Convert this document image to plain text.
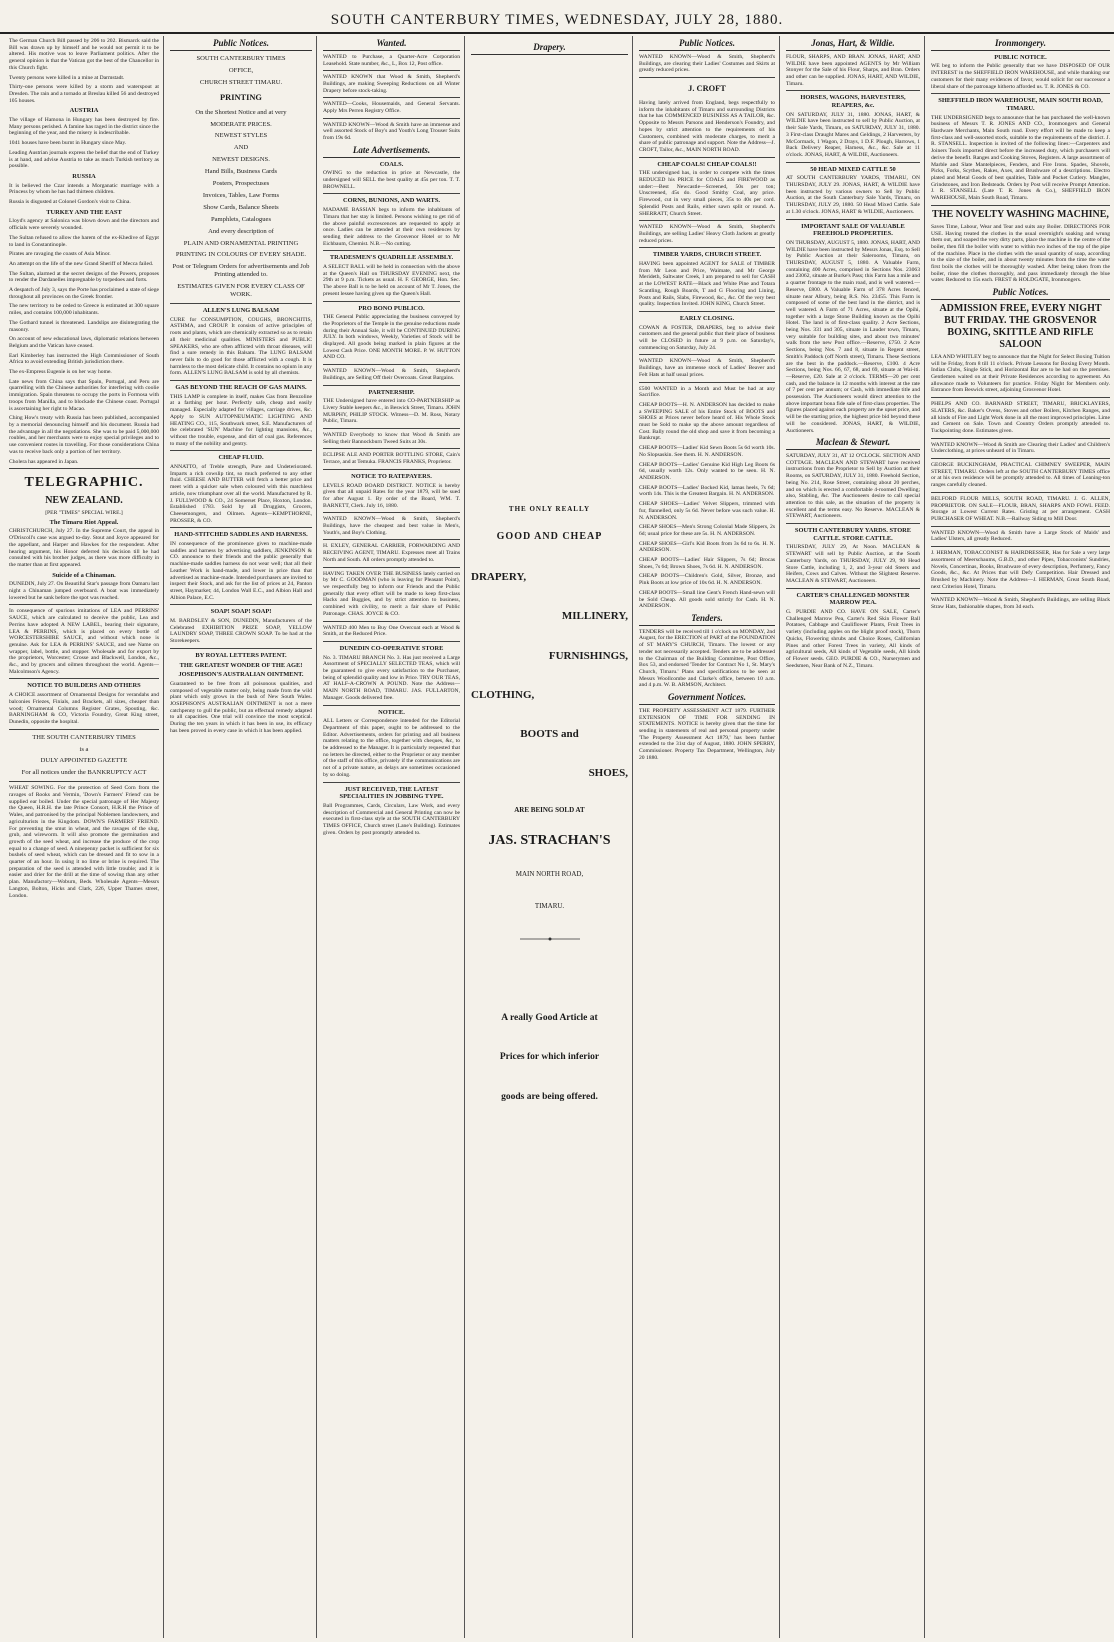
SOUTH CANTERBURY TIMES, WEDNESDAY, JULY 28, 1880.
The German Church Bill passed by 206 to 202. Bismarck said the Bill was drawn up by himself and he would not permit it to be altered. His motive was to leave Parliament politics. After the general opinion is that the Vatican got the best of the Chancellor in this Church fight.
Twenty persons were killed in a mine at Darmstadt.
Thirty-one persons were killed by a storm and waterspout at Dresden. The rain and a tornado at Breslau killed 56 and destroyed 105 houses.
AUSTRIA
The village of Hamona in Hungary has been destroyed by fire. Many persons perished. A famine has raged in the district since the beginning of the year, and the misery is indescribable.
1041 houses have been burnt in Hungary since May.
Leading Austrian journals express the belief that the end of Turkey is at hand, and advise Austria to take as much Turkish territory as possible.
RUSSIA
It is believed the Czar intends a Morganatic marriage with a Princess by whom he has had thirteen children.
Russia is disgusted at Colonel Gordon's visit to China.
TURKEY AND THE EAST
Lloyd's agency at Salonica was blown down and the directors and officials were severely wounded.
The Sultan refused to allow the harem of the ex-Khedive of Egypt to land in Constantinople.
Pirates are ravaging the coasts of Asia Minor.
An attempt on the life of the new Grand Sheriff of Mecca failed.
The Sultan, alarmed at the secret designs of the Powers, proposes to render the Dardanelles impregnable by torpedoes and forts.
A despatch of July 3, says the Porte has proclaimed a state of siege throughout all provinces on the Greek frontier.
The new territory to be ceded to Greece is estimated at 300 square miles, and contains 100,000 inhabitants.
The Gothard tunnel is threatened. Landslips are disintegrating the masonry.
On account of new educational laws, diplomatic relations between Belgium and the Vatican have ceased.
Earl Kimberley has instructed the High Commissioner of South Africa to avoid extending British jurisdiction there.
The ex-Empress Eugenie is on her way home.
Late news from China says that Spain, Portugal, and Peru are quarrelling with the Chinese authorities for interfering with coolie immigration. Spain threatens to occupy the ports in Formosa with troops from Manilla, and to blockade the Chinese coast. Portugal is ascertaining her right to Macao.
Ching How's treaty with Russia has been published, accompanied by a memorial denouncing himself and his document. Russia had the advantage in all the negotiations. She was to be paid 5,000,000 roubles, and her merchants were to enjoy special privileges and to use convenient routes in travelling. For those considerations China was to receive back only a portion of her territory.
Cholera has appeared in Japan.
TELEGRAPHIC.
NEW ZEALAND.
[PER "TIMES" SPECIAL WIRE.]
The Timaru Riot Appeal.
CHRISTCHURCH, July 27. In the Supreme Court, the appeal in O'Driscoll's case was argued to-day. Stout and Joyce appeared for the appellant, and Harper and Hawkes for the respondent. After hearing argument, his Honor deferred his decision till he had consulted with his brother judges, as there was more difficulty in the matter than at first appeared.
Suicide of a Chinaman.
DUNEDIN, July 27. On Beautiful Star's passage from Oamaru last night a Chinaman jumped overboard. A boat was immediately lowered but he sank before the spot was reached.
In consequence of spurious imitations of LEA and PERRINS' SAUCE, which are calculated to deceive the public, Lea and Perrins have adopted A NEW LABEL, bearing their signature, LEA & PERRINS, which is placed on every bottle of WORCESTERSHIRE SAUCE, and without which none is genuine. Ask for LEA & PERRINS' SAUCE, and see Name on wrapper, label, bottle, and stopper. Wholesale and for export by the proprietors, Worcester; Crosse and Blackwell, London, &c., &c., and by grocers and oilmen throughout the world. Agents—Malcolmson's Agency.
NOTICE TO BUILDERS AND OTHERS
A CHOICE assortment of Ornamental Designs for verandahs and balconies Friezes, Finials, and Brackets, all sizes, cheaper than wood; Ornamental Columns Register Grates, Spouting, &c. BARNINGHAM & CO, Victoria Foundry, Great King street, Dunedin, opposite the hospital.
THE SOUTH CANTERBURY TIMES
is a
DULY APPOINTED GAZETTE
For all notices under the BANKRUPTCY ACT
WHEAT SOWING. For the protection of Seed Corn from the ravages of Rooks and Vermin, 'Down's Farmers' Friend' can be supplied ear boiled. Under the special patronage of Her Majesty the Queen, H.R.H. the late Prince Consort, H.R.H the Prince of Wales, and patronised by the principal Noblemen landowners, and agriculturists in the Kingdom. DOWN'S FARMERS' FRIEND. For preventing the smut in wheat, and the ravages of the slug, grub, and wireworm. It will also promote the germination and growth of the seed wheat, and increase the produce of the crop equal to a change of seed. A ninepenny packet is sufficient for six bushels of seed wheat, which can be dressed and fit to sow in a quarter of an hour. In using it no lime or brine is required. The preparation of the seed is attended with little trouble; and it is easier and drier for the drill at the time of sowing than any other plan. Manufactory—Woburn, Beds. Wholesale Agents—Messrs Langton, Bolton, Hicks and Clark, 226, Upper Thames street, London.
Public Notices.
SOUTH CANTERBURY TIMES
OFFICE,
CHURCH STREET TIMARU.
PRINTING
On the Shortest Notice and at very
MODERATE PRICES.
NEWEST STYLES
AND
NEWEST DESIGNS.
Hand Bills, Business Cards
Posters, Prospectuses
Invoices, Tables, Law Forms
Show Cards, Balance Sheets
Pamphlets, Catalogues
And every description of
PLAIN AND ORNAMENTAL PRINTING
PRINTING IN COLOURS OF EVERY SHADE.
Post or Telegram Orders for advertisements and Job Printing attended to.
ESTIMATES GIVEN FOR EVERY CLASS OF WORK.
ALLEN'S LUNG BALSAM
CURE for CONSUMPTION, COUGHS, BRONCHITIS, ASTHMA, and CROUP. It consists of active principles of roots and plants, which are chemically extracted so as to retain all their medicinal qualities. MINISTERS and PUBLIC SPEAKERS, who are often afflicted with throat diseases, will find a sure remedy in this Balsam. The LUNG BALSAM never fails to do good for those afflicted with a cough. It is harmless to the most delicate child. It contains no opium in any form. ALLEN'S LUNG BALSAM is sold by all chemists.
GAS BEYOND THE REACH OF GAS MAINS.
THIS LAMP is complete in itself, makes Gas from Benzoline at a farthing per hour. Perfectly safe, cheap and easily managed. Especially adapted for villages, carriage drives, &c. Apply to SUN AUTOPNEUMATIC LIGHTING AND HEATING CO., 115, Southwark street, S.E. Manufacturers of the celebrated 'SUN' Machine for lighting mansions, &c., without the trouble, expense, and dirt of coal gas. References to many of the nobility and gentry.
CHEAP FLUID.
ANNATTO, of Treble strength, Pure and Undeteriorated. Imparts a rich cowslip tint, so much preferred to any other fluid. CHEESE AND BUTTER will fetch a better price and meet with a quicker sale when coloured with this matchless article, now triumphant over all the world. Manufactured by R. J. FULLWOOD & CO., 24 Somerset Place, Hoxton, London. Established 1783. Sold by all Druggists, Grocers, Cheesemongers, and Oilmen. Agents—KEMPTHORNE, PROSSER, & CO.
HAND-STITCHED SADDLES AND HARNESS.
IN consequence of the prominence given to machine-made saddles and harness by advertising saddlers, JENKINSON & CO. announce to their friends and the public generally that machine-made saddles harness do not wear well; that all their Leather Work is hand-made, and lower in price than that advertised as machine-made. Intended purchasers are invited to inspect their Stock, and ask for the list of prices at 24, Panton street, Haymarket; 44, London Wall E.C., and Albion Hall and Albion Palace, E.C.
SOAP! SOAP! SOAP!
M. BARDSLEY & SON, DUNEDIN, Manufacturers of the Celebrated EXHIBITION PRIZE SOAP, YELLOW LAUNDRY SOAP, THREE CROWN SOAP. To be had at the Storekeepers.
BY ROYAL LETTERS PATENT.
THE GREATEST WONDER OF THE AGE!
JOSEPHSON'S AUSTRALIAN OINTMENT.
Guaranteed to be free from all poisonous qualities, and composed of vegetable matter only, being made from the wild plant which only grows in the bush of New South Wales. JOSEPHSON'S AUSTRALIAN OINTMENT is not a mere catchpenny to gull the public, but an effectual remedy adapted to all capacities. One trial will convince the most sceptical. During the ten years in which it has been in use, its efficacy has been proved in every case in which it has been applied.
Wanted.
WANTED to Purchase, a Quarter-Acre Corporation Leasehold. State number, &c., L, Box 12, Post office.
WANTED KNOWN that Wood & Smith, Shepherd's Buildings, are making Sweeping Reductions on all Winter Drapery before stock-taking.
WANTED—Cooks, Housemaids, and General Servants. Apply Mrs Perren Registry Office.
WANTED KNOWN—Wood & Smith have an immense and well assorted Stock of Boy's and Youth's Long Trouser Suits from 19s 6d.
Late Advertisements.
COALS.
OWING to the reduction in price at Newcastle, the undersigned will SELL the best quality at 45s per ton. T. T. BROWNELL.
CORNS, BUNIONS, AND WARTS.
MADAME BASSIAN begs to inform the inhabitants of Timaru that her stay is limited. Persons wishing to get rid of the above painful excrescences are requested to apply at once. Ladies can be attended at their own residences by sending their address to the Grosvenor Hotel or to Mr Eichbaum, Chemist. N.B.—No cutting.
TRADESMEN'S QUADRILLE ASSEMBLY.
A SELECT BALL will be held in connection with the above at the Queen's Hall on THURSDAY EVENING next, the 29th at 9 p.m. Tickets as usual. H. F. GEORGE, Hon. Sec. The above Ball is to be held on account of Mr T. Jones, the present lessee having given up the Queen's Hall.
PRO BONO PUBLICO.
THE General Public appreciating the business conveyed by the Proprietors of the Temple in the genuine reductions made during their Annual Sale, it will be CONTINUED DURING JULY. In both windows, Weekly, Varieties of Stock will be displayed. All goods being marked in plain figures at the Lowest Cash Price. ONE MONTH MORE. P. W. HUTTON AND CO.
WANTED KNOWN—Wood & Smith, Shepherd's Buildings, are Selling Off their Overcoats. Great Bargains.
PARTNERSHIP.
THE Undersigned have entered into CO-PARTNERSHIP as Livery Stable keepers &c., in Beswick Street, Timaru. JOHN MURPHY, PHILIP STOCK. Witness—D. M. Ross, Notary Public, Timaru.
WANTED Everybody to know that Wood & Smith are Selling their Bannockburn Tweed Suits at 30s.
ECLIPSE ALE AND PORTER BOTTLING STORE, Cain's Terrace, and at Temuka. FRANCIS FRANKS, Proprietor.
NOTICE TO RATEPAYERS.
LEVELS ROAD BOARD DISTRICT. NOTICE is hereby given that all unpaid Rates for the year 1879, will be sued for after August 1. By order of the Board, WM. T. BARNETT, Clerk. July 16, 1880.
WANTED KNOWN—Wood & Smith, Shepherd's Buildings, have the cheapest and best value in Men's, Youth's, and Boy's Clothing.
H. EXLEY, GENERAL CARRIER, FORWARDING AND RECEIVING AGENT, TIMARU. Expresses meet all Trains North and South. All orders promptly attended to.
HAVING TAKEN OVER THE BUSINESS lately carried on by Mr C. GOODMAN (who is leaving for Pleasant Point), we respectfully beg to inform our Friends and the Public generally that every effort will be made to keep first-class Hacks and Buggies, and by strict attention to business, combined with civility, to merit a fair share of Public Patronage. CHAS. JOYCE & CO.
WANTED 400 Men to Buy One Overcoat each at Wood & Smith, at the Reduced Price.
DUNEDIN CO-OPERATIVE STORE
No. 3. TIMARU BRANCH No. 3. Has just received a Large Assortment of SPECIALLY SELECTED TEAS, which will be guaranteed to give every satisfaction to the Purchaser, being of splendid quality and low in Price. TRY OUR TEAS, AT HALF-A-CROWN A POUND. Note the Address—MAIN NORTH ROAD, TIMARU. JAS. FULLARTON, Manager. Goods delivered free.
NOTICE.
ALL Letters or Correspondence intended for the Editorial Department of this paper, ought to be addressed to the Editor. Advertisements, orders for printing and all business matters relating to the office, together with cheques, &c, to be addressed to the Manager. It is particularly requested that no letters be directed, either to the Proprietor or any member of the staff of this office, privately if the communications are not of a private nature, as delays are sometimes occasioned by so doing.
JUST RECEIVED, THE LATEST SPECIALITIES IN JOBBING TYPE.
Ball Programmes, Cards, Circulars, Law Work, and every description of Commercial and General Printing can now be executed in first-class style at the SOUTH CANTERBURY TIMES OFFICE, Church street (Lane's Building). Estimates given. Orders by post promptly attended to.
Drapery.
THE ONLY REALLY
GOOD AND CHEAP
DRAPERY,
MILLINERY,
FURNISHINGS,
CLOTHING,
BOOTS and
SHOES,
ARE BEING SOLD AT
JAS. STRACHAN'S
MAIN NORTH ROAD,
TIMARU.
A really Good Article at
Prices for which inferior
goods are being offered.
Public Notices.
WANTED KNOWN—Wood & Smith, Shepherd's Buildings, are clearing their Ladies' Costumes and Skirts at greatly reduced prices.
J. CROFT
Having lately arrived from England, begs respectfully to inform the inhabitants of Timaru and surrounding Districts that he has COMMENCED BUSINESS AS A TAILOR, &c. Opposite to Messrs Parsons and Henderson's Foundry, and hopes by strict attention to the requirements of his Customers, combined with moderate charges, to merit a share of public patronage and support. Note the Address—J. CROFT, Tailor, &c., MAIN NORTH ROAD.
CHEAP COALS! CHEAP COALS!!
THE undersigned has, in order to compete with the times REDUCED his PRICE for COALS and FIREWOOD as under:—Best Newcastle—Screened, 50s per ton; Unscreened, 45s do. Good Smithy Coal, any price. Firewood, cut in very small pieces, 35s to 40s per cord. Splendid Posts and Rails, either sawn split or round. A. SHERRATT, Church Street.
WANTED KNOWN—Wood & Smith, Shepherd's Buildings, are selling Ladies' Heavy Cloth Jackets at greatly reduced prices.
TIMBER YARDS, CHURCH STREET.
HAVING been appointed AGENT for SALE of TIMBER from Mr Leon and Price, Waimate, and Mr George Merideth, Saltwater Creek, I am prepared to sell for CASH at the LOWEST RATE—Black and White Pine and Totara Scantling, Rough Boards, T and G Flooring and Lining, Posts and Rails, Slabs, Firewood, &c., &c. Of the very best quality. Inspection Invited. JOHN KING, Church Street.
EARLY CLOSING.
COWAN & FOSTER, DRAPERS, beg to advise their customers and the general public that their place of business will be CLOSED in future at 9 p.m. on Saturday's, commencing on Saturday, July 24.
WANTED KNOWN—Wood & Smith, Shepherd's Buildings, have an immense stock of Ladies' Beaver and Felt Hats at half usual prices.
£500 WANTED in a Month and Must be had at any Sacrifice.
CHEAP BOOTS—H. N. ANDERSON has decided to make a SWEEPING SALE of his Entire Stock of BOOTS and SHOES at Prices never before heard of. His Whole Stock must be Sold to make up the above amount regardless of Cost. Bally round the old shop and save it from becoming a Bankrupt.
CHEAP BOOTS—Ladies' Kid Sewn Boots 5s 6d worth 10s. No Slopsaskin. See them. H. N. ANDERSON.
CHEAP BOOTS—Ladies' Genuine Kid High Leg Boots 6s 6d, usually worth 12s. Only wanted to be seen. H. N. ANDERSON.
CHEAP BOOTS—Ladies' Bocked Kid, lamas heels, 7s 6d; worth 14s. This is the Greatest Bargain. H. N. ANDERSON.
CHEAP SHOES—Ladies' Velvet Slippers, trimmed with fur, flannelled, only 5s 6d. Never before was such value. H. N. ANDERSON.
CHEAP SHOES—Men's Strong Colonial Made Slippers, 2s 6d; usual price for these are 5s. H. N. ANDERSON.
CHEAP SHOES—Girl's Kid Boots from 3s 6d to 6s. H. N. ANDERSON.
CHEAP BOOTS—Ladies' Hair Slippers, 7s 6d; Brocas Shoes, 7s 6d; Brown Shoes, 7s 6d. H. N. ANDERSON.
CHEAP BOOTS—Children's Gold, Silver, Bronze, and Pink Boots at low price of 10s 6d. H. N. ANDERSON.
CHEAP BOOTS—Small line Gent's French Hand-sewn will be Sold Cheap. All goods sold strictly for Cash. H. N. ANDERSON.
Tenders.
TENDERS will be received till 1 o'clock on MONDAY, 2nd August, for the ERECTION of PART of the FOUNDATION of ST MARY'S CHURCH, Timaru. The lowest or any tender not necessarily accepted. Tenders are to be addressed to the Chairman of the Building Committee, Post Office, Box 53, and endorsed 'Tender for Contract No 1, St. Mary's Church, Timaru.' Plans and specifications to be seen at Messrs Woollcombe and Clarke's office, between 10 a.m. and 4 p.m. W. B. ARMSON, Architect.
Government Notices.
THE PROPERTY ASSESSMENT ACT 1879. FURTHER EXTENSION OF TIME FOR SENDING IN STATEMENTS. NOTICE is hereby given that the time for sending in statements of real and personal property under 'The Property Assessment Act 1879,' has been further extended to the 31st day of August, 1880. JOHN SPERRY, Commissioner. Property Tax Department, Wellington, July 20 1880.
Jonas, Hart, & Wildie.
FLOUR, SHARPS, AND BRAN. JONAS, HART, AND WILDIE have been appointed AGENTS by Mr William Stonyer for the Sale of his Flour, Sharps, and Bran. Orders and other can be supplied. JONAS, HART, AND WILDIE, Timaru.
HORSES, WAGONS, HARVESTERS, REAPERS, &c.
ON SATURDAY, JULY 31, 1880. JONAS, HART, & WILDIE have been instructed to sell by Public Auction, at their Sale Yards, Timaru, on SATURDAY, JULY 31, 1880. 3 First-class Draught Mares and Geldings, 2 Harvesters, by McCormack, 1 Wagon, 2 Drays, 1 D.F. Plough, Harrows, 1 Back Delivery Reaper, Harness, &c., &c. Sale at 11 o'clock. JONAS, HART, & WILDIE, Auctioneers.
50 HEAD MIXED CATTLE 50
AT SOUTH CANTERBURY YARDS, TIMARU, ON THURSDAY, JULY 29. JONAS, HART, & WILDIE have been instructed by various owners to Sell by Public Auction, at the South Canterbury Sale Yards, Timaru, on THURSDAY, JULY 29, 1880. 50 Head Mixed Cattle. Sale at 1.30 o'clock. JONAS, HART & WILDIE, Auctioneers.
IMPORTANT SALE OF VALUABLE FREEHOLD PROPERTIES.
ON THURSDAY, AUGUST 5, 1880. JONAS, HART, AND WILDIE have been instructed by Messrs Jonas, Esq. to Sell by Public Auction at their Salerooms, Timaru, on THURSDAY, AUGUST 5, 1880. A Valuable Farm, containing 400 Acres, comprised in Sections Nos. 23063 and 23062, situate at Burke's Pass; this Farm has a mile and a quarter frontage to the main road, and is well watered.—Reserve, £800. A Valuable Farm of 378 Acres fenced, situate near Albury, being R.S. No. 23455. This Farm is composed of some of the best land in the district, and is well watered. A Farm of 71 Acres, situate at the Opihi, together with a large Stone Building known as the Opihi Hotel. The land is of first-class quality. 2 Acre Sections, being Nos. 331 and 305, situate in Lauder town, Timaru, very suitable for building sites, and about two minutes' walk from the new Post office.—Reserve, £750. 2 Acre Sections, being Nos. 7 and 8, situate in Regent street, Smith's Paddock (off North street), Timaru. These Sections are the best in the paddock.—Reserve, £100. 4 Acre Sections, being Nos. 66, 67, 68, and 69, situate at Wai-iti.—Reserve, £20. Sale at 2 o'clock. TERMS—20 per cent cash, and the balance in 12 months with interest at the rate of 7 per cent per annum; or Cash, with immediate title and possession. The Auctioneers would direct attention to the above important bona fide sale of first-class properties. The figures placed against each property are the upset price, and will be the starting price, the highest price bid beyond these will be considered. JONAS, HART, & WILDIE, Auctioneers.
Maclean & Stewart.
SATURDAY, JULY 31, AT 12 O'CLOCK. SECTION AND COTTAGE. MACLEAN AND STEWART have received instructions from the Proprietor to Sell by Auction at their Rooms, on SATURDAY, JULY 31, 1880. Freehold Section, being No. 214, Rose Street, containing about 20 perches, and on which is erected a comfortable 4-roomed Dwelling; also, Stabling, &c. The Auctioneers desire to call special attention to this sale, as the situation of the property is excellent and the terms easy. No Reserve. MACLEAN & STEWART, Auctioneers.
SOUTH CANTERBURY YARDS. STORE CATTLE. STORE CATTLE.
THURSDAY, JULY 29, At Noon. MACLEAN & STEWART will sell by Public Auction, at the South Canterbury Yards, on THURSDAY, JULY 29, 90 Head Store Cattle, including 1, 2, and 3-year old Steers and Heifers, Cows and Calves. Without the Slightest Reserve. MACLEAN & STEWART, Auctioneers.
CARTER'S CHALLENGED MONSTER MARROW PEA.
G. PURDIE AND CO. HAVE ON SALE, Carter's Challenged Marrow Pea, Carter's Red Skin Flower Ball Potatoes, Cabbage and Cauliflower Plants, Fruit Trees in variety (including apples on the blight proof stock), Thorn Quicks, Flowering shrubs and Choice Roses, Californian Pines and other Forest Trees in variety, All kinds of agricultural seeds, All kinds of Vegetable seeds, All kinds of Flower seeds. GEO. PURDIE & CO., Nurserymen and Seedsmen, Near Bank of N.Z., Timaru.
Ironmongery.
PUBLIC NOTICE.
WE beg to inform the Public generally that we have DISPOSED OF OUR INTEREST in the SHEFFIELD IRON WAREHOUSE, and while thanking our customers for their many evidences of favor, would solicit for our successor a liberal share of the patronage hitherto afforded us. T. R. JONES & CO.
SHEFFIELD IRON WAREHOUSE, MAIN SOUTH ROAD, TIMARU.
THE UNDERSIGNED begs to announce that he has purchased the well-known business of Messrs T. R. JONES AND CO., Ironmongers and General Hardware Merchants, Main South road. Every effort will be made to keep a first-class and well-assorted stock, suitable to the requirements of the district. J. R. STANSELL. Inspection is invited of the following lines:—Carpenters and Joiners Tools imported direct before the increased duty, which purchasers will derive the benefit. Ranges and Cooking Stoves, Registers. A large assortment of Marble and Slate Mantelpieces, Fenders, and Fire Irons. Spades, Shovels, Picks, Forks, Scythes, Rakes, Axes, and Brushware of a descriptions. Electro plated and Metal Goods of best qualities, Table and Pocket Cutlery. Mangles, Grindstones, and Iron Bedsteads. Orders by Post will receive Prompt Attention. J. R. STANSELL (Late T. R. Jones & Co.), SHEFFIELD IRON WAREHOUSE, Main South Road, Timaru.
THE NOVELTY WASHING MACHINE,
Saves Time, Labour, Wear and Tear and suits any Boiler. DIRECTIONS FOR USE. Having treated the clothes in the usual overnight's soaking and wrung them out, and soaped the very dirty parts, place the machine in the centre of the boiler, then fill the boiler with water to within two inches of the top of the pipe of the machine. Place in the clothes with the usual quantity of soap, according to the size of the boiler, and in about twenty minutes from the time the water first boils the clothes will be thoroughly washed. After being taken from the boiler, rinse the clothes thoroughly, and pass immediately through the blue water. Reduced to 15s each. FREST & HOLDGATE, Ironmongers.
Public Notices.
ADMISSION FREE, EVERY NIGHT BUT FRIDAY. THE GROSVENOR BOXING, SKITTLE AND RIFLE SALOON
LEA AND WHITLEY beg to announce that the Night for Select Boxing Tuition will be Friday, from 8 till 11 o'clock. Private Lessons for Boxing Every Month. Indian Clubs, Single Stick, and Horizontal Bar are to be had on the premises. Gentlemen waited on at their Private Residences according to agreement. An allowance made to Volunteers for practice. Friday Night for Members only. Entrance from Beswick street, adjoining Grosvenor Hotel.
PHELPS AND CO. BARNARD STREET, TIMARU, BRICKLAYERS, SLATERS, &c. Baker's Ovens, Stoves and other Boilers, Kitchen Ranges, and all kinds of Fire and Light Work done in all the most improved principles. Lime and Cement on Sale. Town and Country Orders promptly attended to. Tuckpointing done. Estimates given.
WANTED KNOWN—Wood & Smith are Clearing their Ladies' and Children's Underclothing, at prices unheard of in Timaru.
GEORGE BUCKINGHAM, PRACTICAL CHIMNEY SWEEPER, MAIN STREET, TIMARU. Orders left at the SOUTH CANTERBURY TIMES office or at his own residence will be promptly attended to. All times of Leaning-ton ranges carefully cleaned.
BELFORD FLOUR MILLS, SOUTH ROAD, TIMARU. J. G. ALLEN, PROPRIETOR. ON SALE—FLOUR, BRAN, SHARPS AND FOWL FEED. Storage at Lowest Current Rates. Gristing at per arrangement. CASH PURCHASER OF WHEAT. N.B.—Railway Siding to Mill Door.
WANTED KNOWN—Wood & Smith have a Large Stock of Maids' and Ladies' Ulsters, all greatly Reduced.
J. HERMAN, TOBACCONIST & HAIRDRESSER, Has for Sale a very large assortment of Meerschaums, G.B.D., and other Pipes, Tobacconists' Sundries, Novels, Concertinas, Books, Brushware of every description, Perfumery, Fancy Goods, &c., &c. At Prices that will Defy Competition. Hair Dressed and Brushed by Machinery. Note the Address—J. HERMAN, Great South Road, next Criterion Hotel, Timaru.
WANTED KNOWN—Wood & Smith, Shepherd's Buildings, are selling Black Straw Hats, fashionable shapes, from 3d each.
